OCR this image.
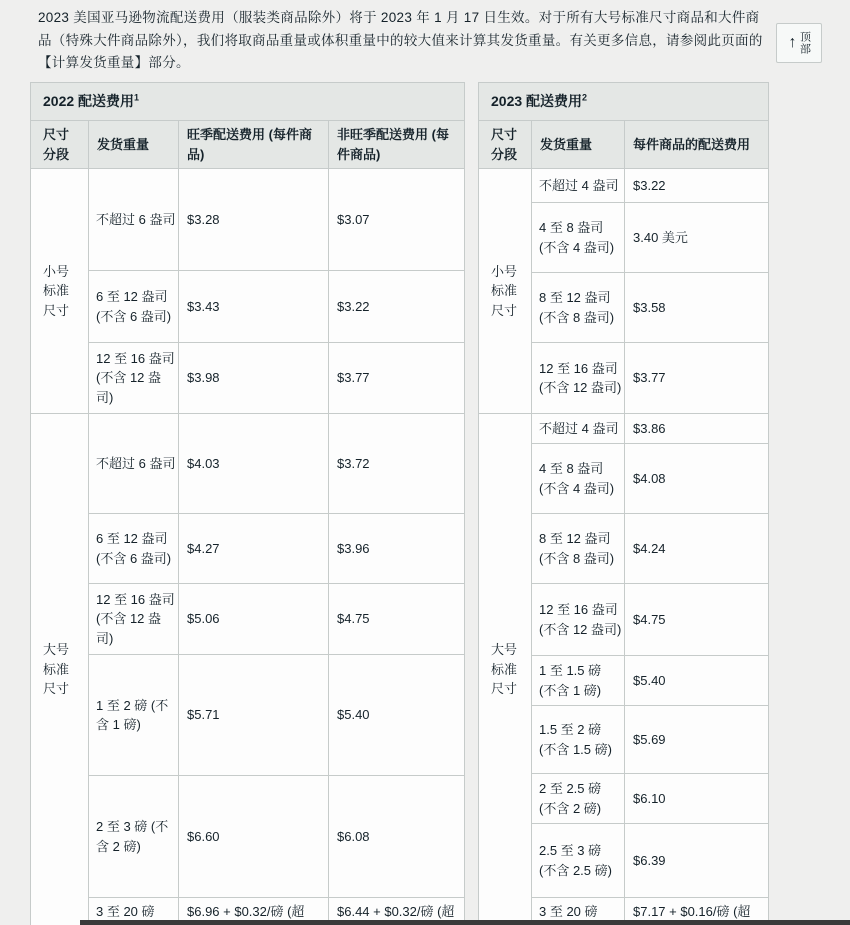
2023 美国亚马逊物流配送费用（服装类商品除外）将于 2023 年 1 月 17 日生效。对于所有大号标准尺寸商品和大件商品（特殊大件商品除外），我们将取商品重量或体积重量中的较大值来计算其发货重量。有关更多信息，请参阅此页面的【计算发货重量】部分。
↑ 顶部
2022 配送费用$^1$
尺寸分段	发货重量	旺季配送费用 (每件商品)	非旺季配送费用 (每件商品)
小号标准尺寸	不超过 6 盎司	$3.28	$3.07
	6 至 12 盎司 (不含 6 盎司)	$3.43	$3.22
	12 至 16 盎司 (不含 12 盎司)	$3.98	$3.77
大号标准尺寸	不超过 6 盎司	$4.03	$3.72
	6 至 12 盎司 (不含 6 盎司)	$4.27	$3.96
	12 至 16 盎司 (不含 12 盎司)	$5.06	$4.75
	1 至 2 磅 (不含 1 磅)	$5.71	$5.40
	2 至 3 磅 (不含 2 磅)	$6.60	$6.08
	3 至 20 磅	$6.96 + $0.32/磅 (超	$6.44 + $0.32/磅 (超
2023 配送费用$^2$
尺寸分段	发货重量	每件商品的配送费用
小号标准尺寸	不超过 4 盎司	$3.22
	4 至 8 盎司 (不含 4 盎司)	3.40 美元
	8 至 12 盎司 (不含 8 盎司)	$3.58
	12 至 16 盎司 (不含 12 盎司)	$3.77
大号标准尺寸	不超过 4 盎司	$3.86
	4 至 8 盎司 (不含 4 盎司)	$4.08
	8 至 12 盎司 (不含 8 盎司)	$4.24
	12 至 16 盎司 (不含 12 盎司)	$4.75
	1 至 1.5 磅 (不含 1 磅)	$5.40
	1.5 至 2 磅 (不含 1.5 磅)	$5.69
	2 至 2.5 磅 (不含 2 磅)	$6.10
	2.5 至 3 磅 (不含 2.5 磅)	$6.39
	3 至 20 磅	$7.17 + $0.16/磅 (超
